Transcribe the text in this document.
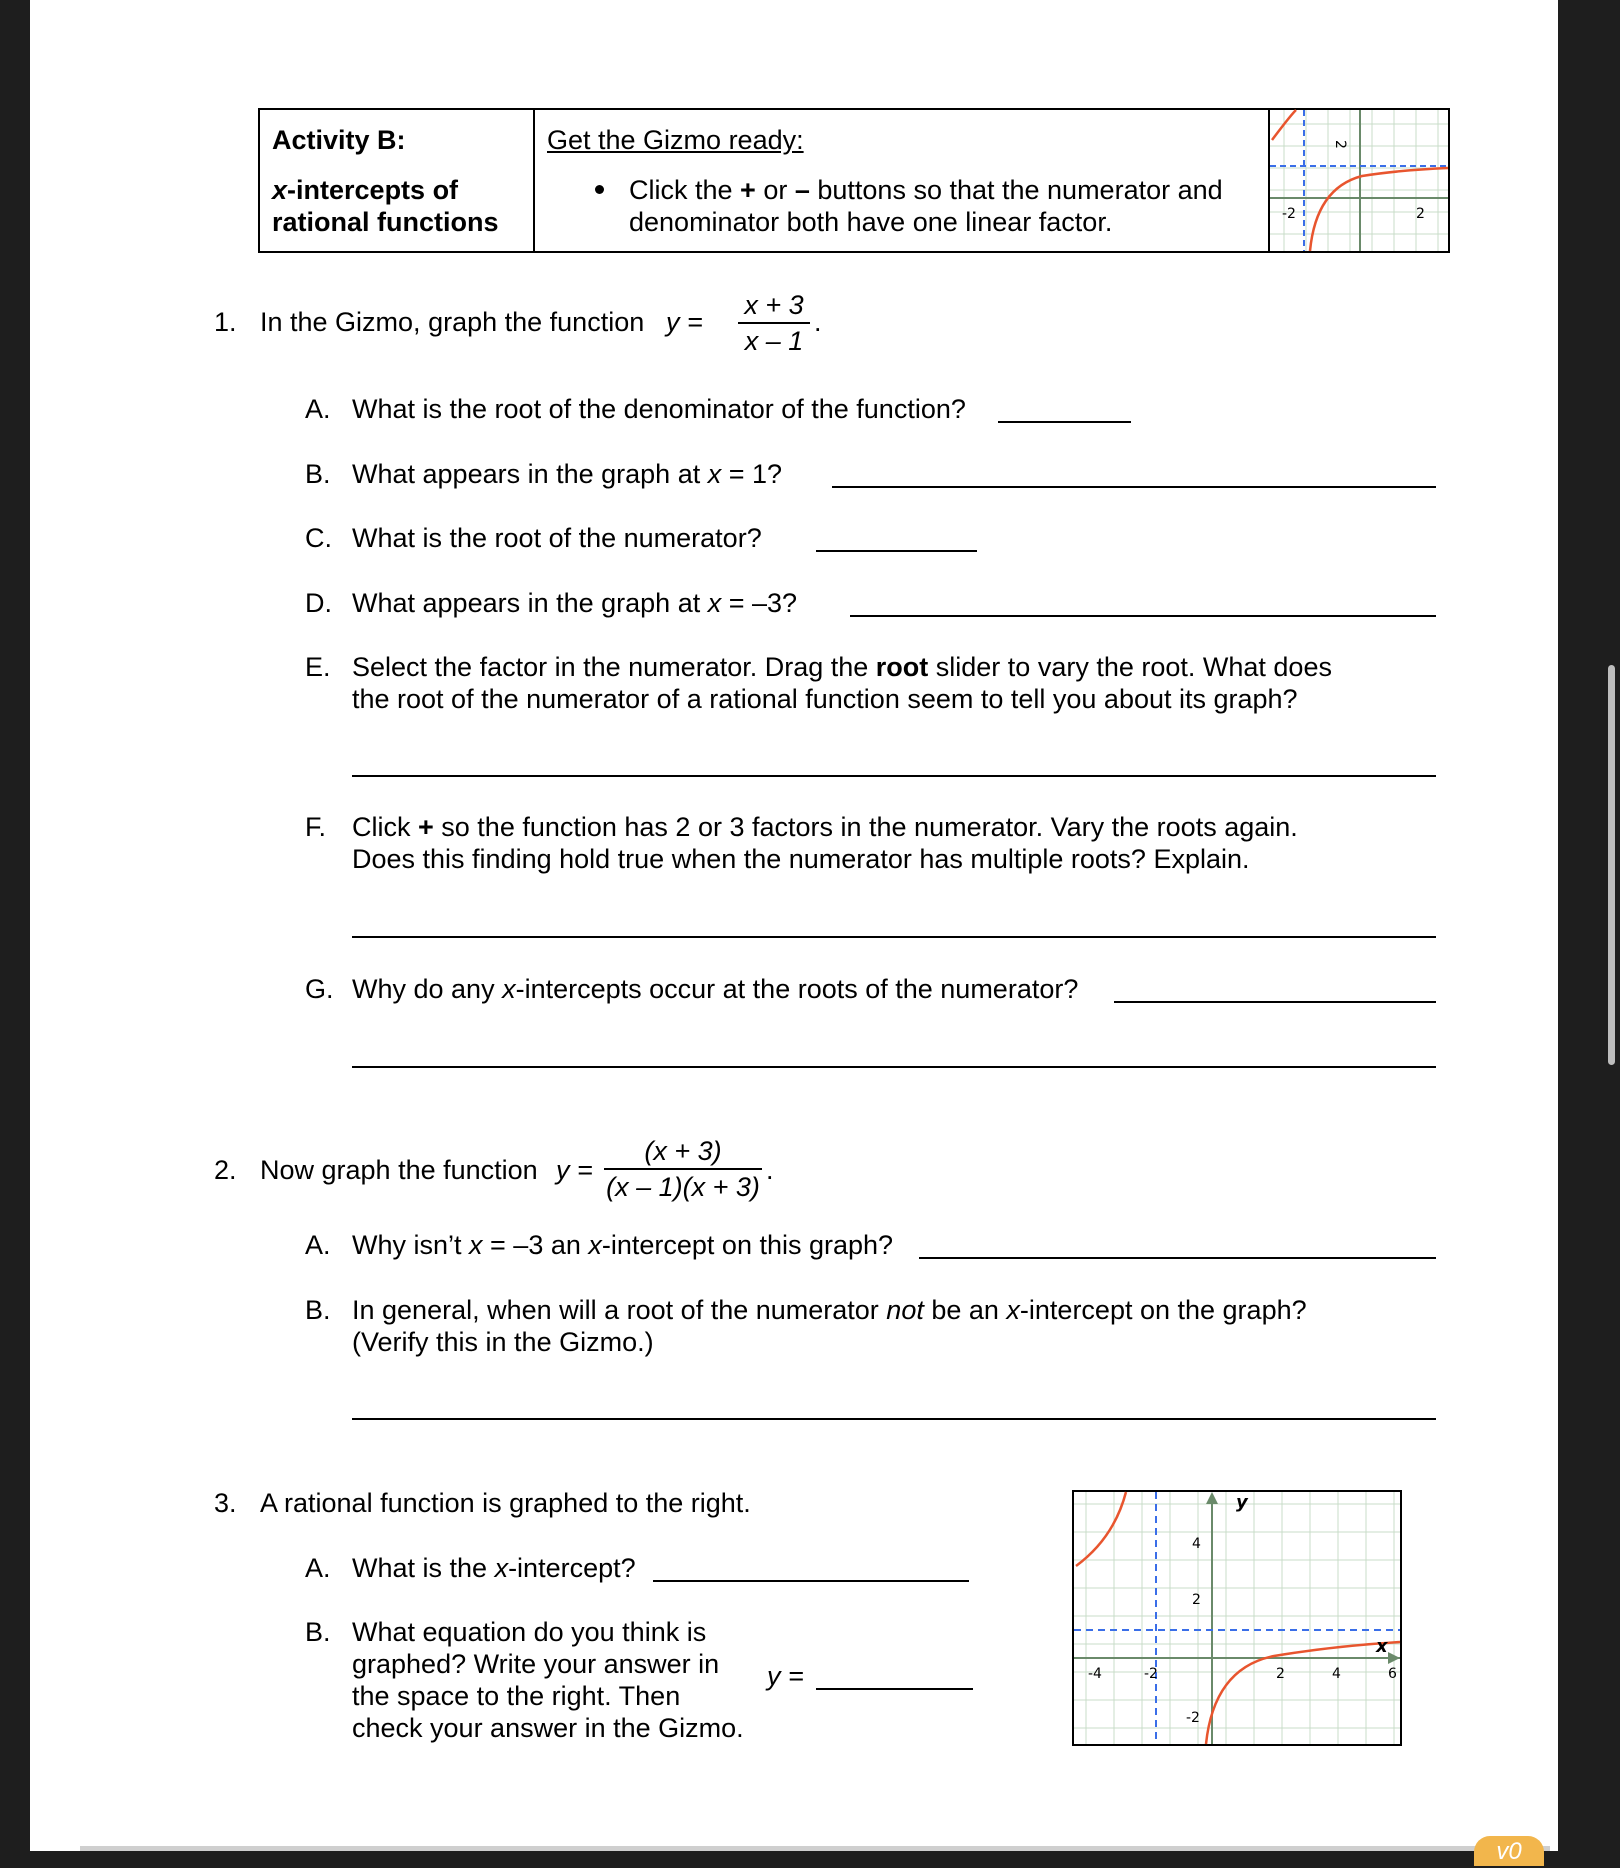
Activity B:
x-intercepts of
rational functions
Get the Gizmo ready:
Click the + or – buttons so that the numerator and
denominator both have one linear factor.
2
-2	2
1. In the Gizmo, graph the function y =
x + 3
x – 1
.
A. What is the root of the denominator of the function?
B. What appears in the graph at x = 1?
C. What is the root of the numerator?
D. What appears in the graph at x = –3?
E. Select the factor in the numerator. Drag the root slider to vary the root. What does
the root of the numerator of a rational function seem to tell you about its graph?
F. Click + so the function has 2 or 3 factors in the numerator. Vary the roots again.
Does this finding hold true when the numerator has multiple roots? Explain.
G. Why do any x-intercepts occur at the roots of the numerator?
2. Now graph the function y =
(x + 3)
(x – 1)(x + 3)
.
A. Why isn’t x = –3 an x-intercept on this graph?
B. In general, when will a root of the numerator not be an x-intercept on the graph?
(Verify this in the Gizmo.)
3. A rational function is graphed to the right.
A. What is the x-intercept?
B. What equation do you think is
graphed? Write your answer in
the space to the right. Then
check your answer in the Gizmo.
y =
y
x
4
2
-2
-4	-2	2	4	6
v0
